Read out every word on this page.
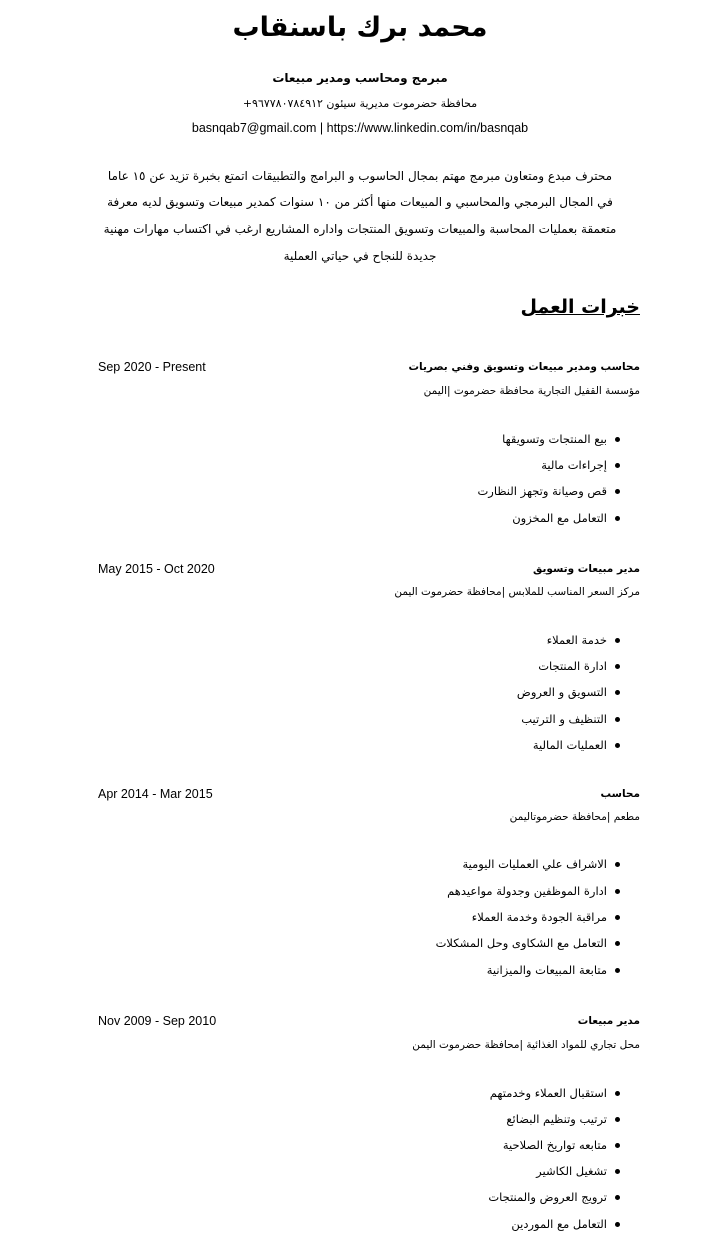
محمد برك باسنقاب
مبرمج ومحاسب ومدير مبيعات
محافظة حضرموت مديرية سيئون ٩٦٧٧٨٠٧٨٤٩١٢+
basnqab7@gmail.com | https://www.linkedin.com/in/basnqab
محترف مبدع ومتعاون مبرمج مهتم بمجال الحاسوب و البرامج والتطبيقات اتمتع بخبرة تزيد عن ١٥ عاما
في المجال البرمجي والمحاسبي و المبيعات منها أكثر من ١٠ سنوات كمدير مبيعات وتسويق لديه معرفة
متعمقة بعمليات المحاسبة والمبيعات وتسويق المنتجات واداره المشاريع ارغب في اكتساب مهارات مهنية
جديدة للنجاح في حياتي العملية
خبرات العمل
محاسب ومدير مبيعات وتسويق وفني بصريات
Sep 2020 - Present
مؤسسة القفيل التجارية محافظة حضرموت |اليمن
بيع المنتجات وتسويقها
إجراءات مالية
قص وصيانة وتجهز النظارت
التعامل مع المخزون
مدير مبيعات وتسويق
May 2015 - Oct 2020
مركز السعر المناسب للملابس |محافظة حضرموت اليمن
خدمة العملاء
ادارة المنتجات
التسويق و العروض
التنظيف و الترتيب
العمليات المالية
محاسب
Apr 2014 - Mar 2015
مطعم |محافظة حضرموتاليمن
الاشراف علي العمليات اليومية
ادارة الموظفين وجدولة مواعيدهم
مراقبة الجودة وخدمة العملاء
التعامل مع الشكاوى وحل المشكلات
متابعة المبيعات والميزانية
مدير مبيعات
Nov 2009 - Sep 2010
محل تجاري للمواد الغذائية |محافظة حضرموت اليمن
استقبال العملاء وخدمتهم
ترتيب وتنظيم البضائع
متابعه تواريخ الصلاحية
تشغيل الكاشير
ترويج العروض والمنتجات
التعامل مع الموردين
